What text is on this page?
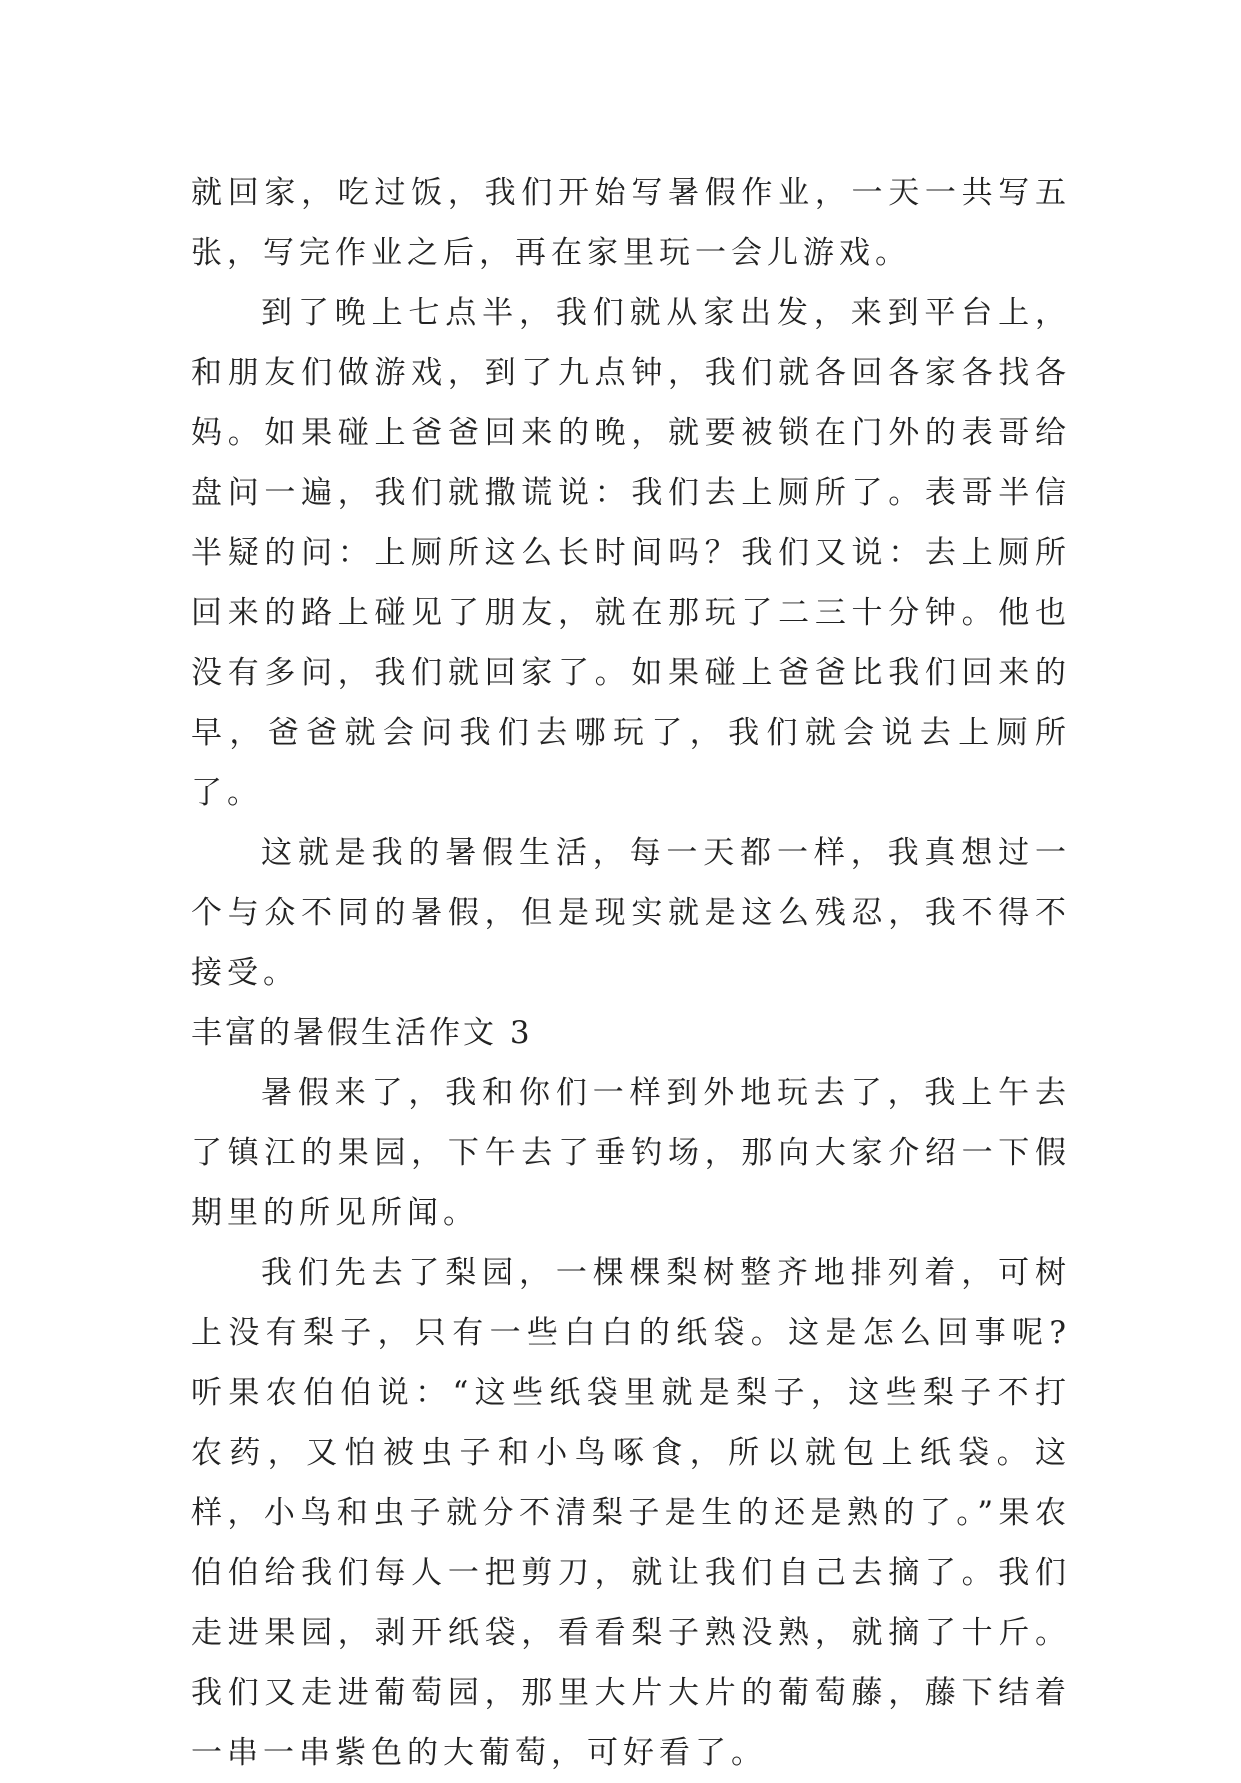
就回家，吃过饭，我们开始写暑假作业，一天一共写五张，写完作业之后，再在家里玩一会儿游戏。

到了晚上七点半，我们就从家出发，来到平台上，和朋友们做游戏，到了九点钟，我们就各回各家各找各妈。如果碰上爸爸回来的晚，就要被锁在门外的表哥给盘问一遍，我们就撒谎说：我们去上厕所了。表哥半信半疑的问：上厕所这么长时间吗？我们又说：去上厕所回来的路上碰见了朋友，就在那玩了二三十分钟。他也没有多问，我们就回家了。如果碰上爸爸比我们回来的早，爸爸就会问我们去哪玩了，我们就会说去上厕所了。

这就是我的暑假生活，每一天都一样，我真想过一个与众不同的暑假，但是现实就是这么残忍，我不得不接受。

丰富的暑假生活作文 3

暑假来了，我和你们一样到外地玩去了，我上午去了镇江的果园，下午去了垂钓场，那向大家介绍一下假期里的所见所闻。

我们先去了梨园，一棵棵梨树整齐地排列着，可树上没有梨子，只有一些白白的纸袋。这是怎么回事呢?听果农伯伯说：“这些纸袋里就是梨子，这些梨子不打农药，又怕被虫子和小鸟啄食，所以就包上纸袋。这样，小鸟和虫子就分不清梨子是生的还是熟的了。”果农伯伯给我们每人一把剪刀，就让我们自己去摘了。我们走进果园，剥开纸袋，看看梨子熟没熟，就摘了十斤。我们又走进葡萄园，那里大片大片的葡萄藤，藤下结着一串一串紫色的大葡萄，可好看了。
